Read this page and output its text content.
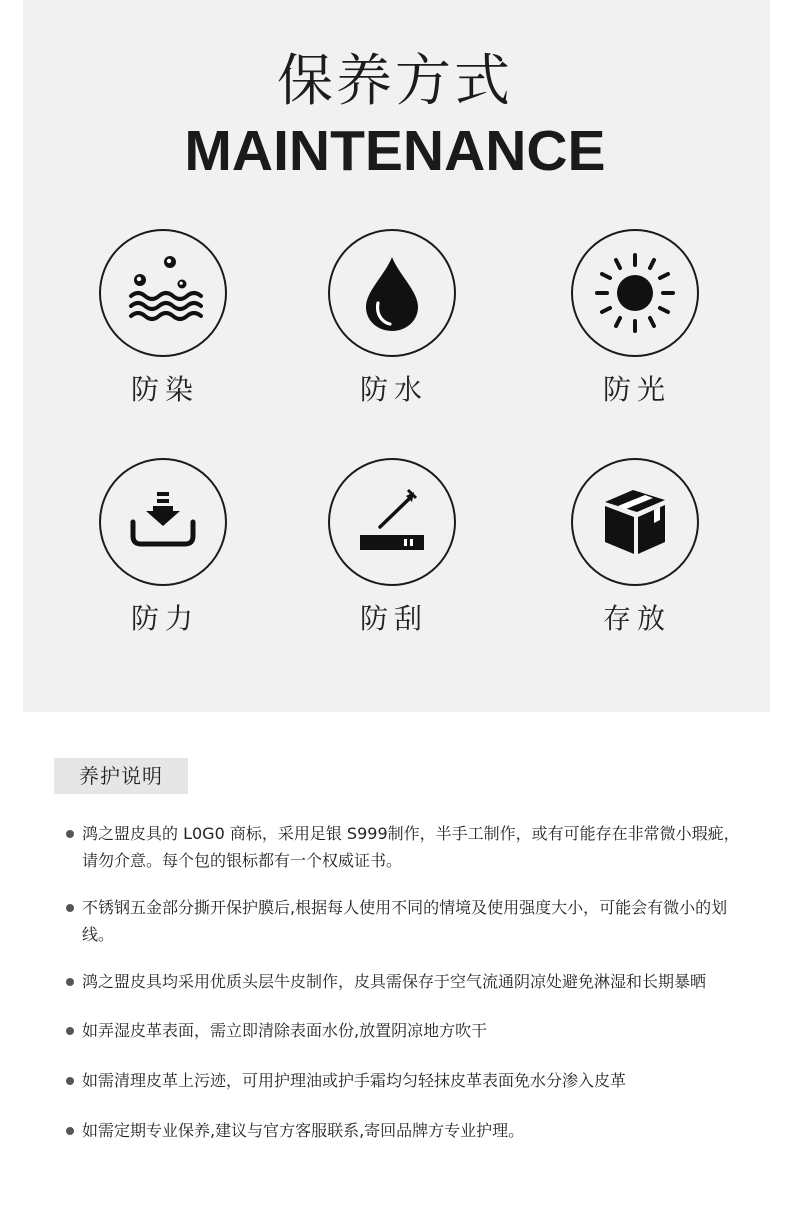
保养方式
MAINTENANCE
防染	防水	防光
防力	防刮	存放
养护说明
鸿之盟皮具的 L0G0 商标，采用足银 S999制作，半手工制作，或有可能存在非常微小瑕疵，请勿介意。每个包的银标都有一个权威证书。
不锈钢五金部分撕开保护膜后,根据每人使用不同的情境及使用强度大小，可能会有微小的划线。
鸿之盟皮具均采用优质头层牛皮制作，皮具需保存于空气流通阴凉处避免淋湿和长期暴晒
如弄湿皮革表面，需立即清除表面水份,放置阴凉地方吹干
如需清理皮革上污迹，可用护理油或护手霜均匀轻抹皮革表面免水分渗入皮革
如需定期专业保养,建议与官方客服联系,寄回品牌方专业护理。
